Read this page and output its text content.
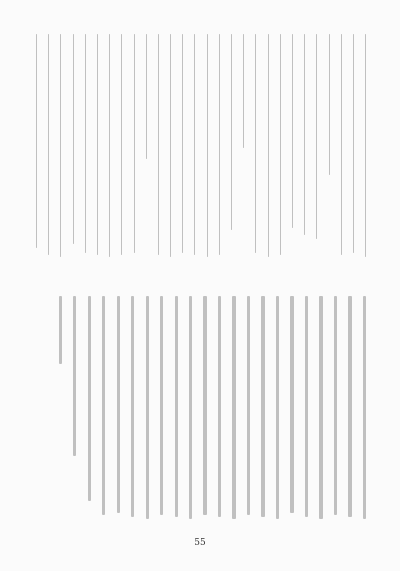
55
